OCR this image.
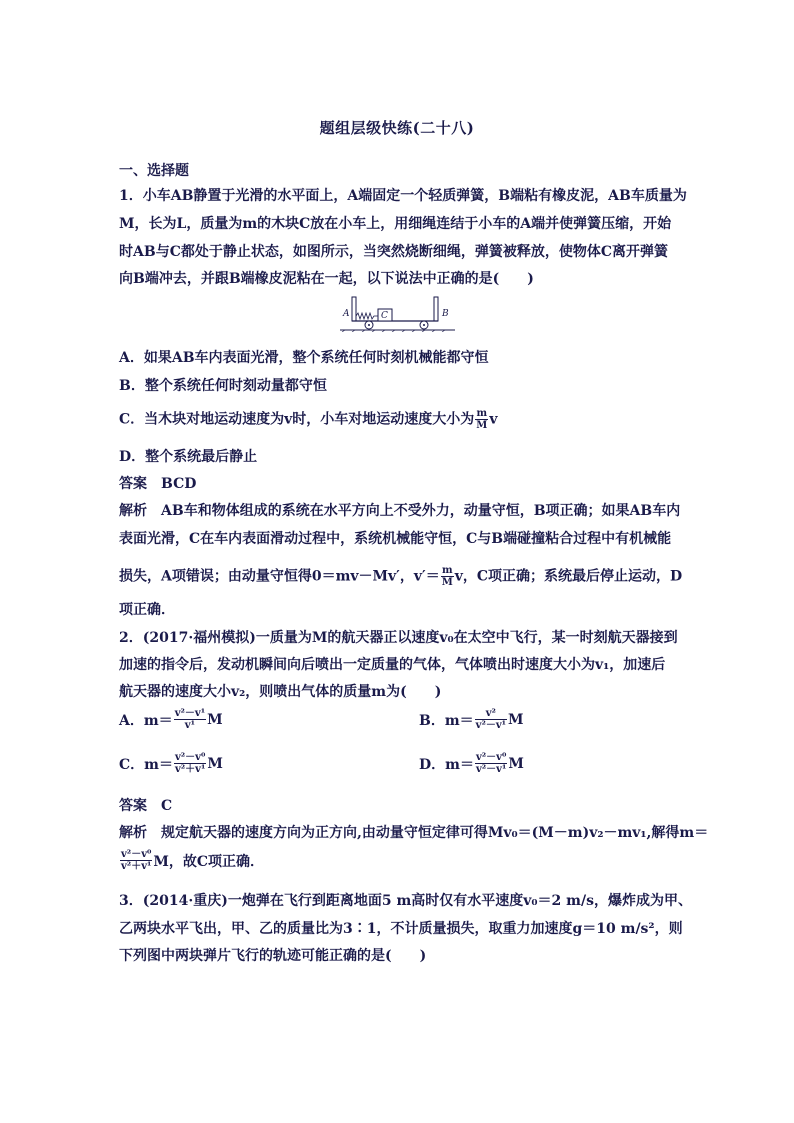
题组层级快练(二十八)
一、选择题
1．小车AB静置于光滑的水平面上，A端固定一个轻质弹簧，B端粘有橡皮泥，AB车质量为
M，长为L，质量为m的木块C放在小车上，用细绳连结于小车的A端并使弹簧压缩，开始
时AB与C都处于静止状态，如图所示，当突然烧断细绳，弹簧被释放，使物体C离开弹簧
向B端冲去，并跟B端橡皮泥粘在一起，以下说法中正确的是(　　)
A	B
C
A．如果AB车内表面光滑，整个系统任何时刻机械能都守恒
B．整个系统任何时刻动量都守恒
C．当木块对地运动速度为v时，小车对地运动速度大小为 $\frac{m}{M}$ v
D．整个系统最后静止
答案 BCD
解析 AB车和物体组成的系统在水平方向上不受外力，动量守恒，B项正确；如果AB车内
表面光滑，C在车内表面滑动过程中，系统机械能守恒，C与B端碰撞粘合过程中有机械能
损失，A项错误；由动量守恒得0＝mv－Mv′，$v'= \frac{m}{M}$ v，C项正确；系统最后停止运动，D
项正确．
2．(2017·福州模拟)一质量为M的航天器正以速度v₀在太空中飞行，某一时刻航天器接到
加速的指令后，发动机瞬间向后喷出一定质量的气体，气体喷出时速度大小为v₁，加速后
航天器的速度大小v₂，则喷出气体的质量m为(　　)
A．$m= \frac{\text{v²－v¹}}{\text{v¹}}$ M	B．$m= \frac{\text{v²}}{\text{v²－v¹}}$ M
C．$m= \frac{\text{v²－v⁰}}{\text{v²＋v¹}}$ M	D．$m= \frac{\text{v²－v⁰}}{\text{v²－v¹}}$ M
答案 C
解析 规定航天器的速度方向为正方向,由动量守恒定律可得Mv₀＝(M－m)v₂－mv₁,解得m＝
$\frac{\text{v²－v⁰}}{\text{v²＋v¹}}$ M，故C项正确．
3．(2014·重庆)一炮弹在飞行到距离地面5 m高时仅有水平速度v₀＝2 m/s，爆炸成为甲、
乙两块水平飞出，甲、乙的质量比为3∶1，不计质量损失，取重力加速度g＝10 m/s²，则
下列图中两块弹片飞行的轨迹可能正确的是(　　)
